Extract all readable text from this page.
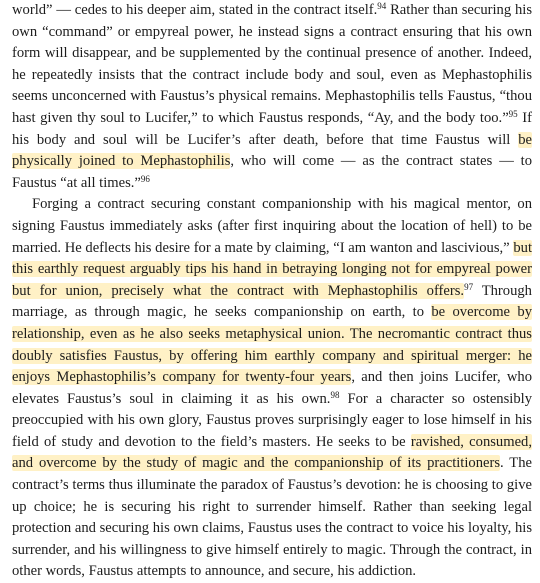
world” — cedes to his deeper aim, stated in the contract itself.$^{94}$ Rather than securing his own “command” or empyreal power, he instead signs a contract ensuring that his own form will disappear, and be supplemented by the continual presence of another. Indeed, he repeatedly insists that the contract include body and soul, even as Mephastophilis seems unconcerned with Faustus’s physical remains. Mephastophilis tells Faustus, “thou hast given thy soul to Lucifer,” to which Faustus responds, “Ay, and the body too.”$^{95}$ If his body and soul will be Lucifer’s after death, before that time Faustus will be physically joined to Mephastophilis, who will come — as the contract states — to Faustus “at all times.”$^{96}$

Forging a contract securing constant companionship with his magical mentor, on signing Faustus immediately asks (after first inquiring about the location of hell) to be married. He deflects his desire for a mate by claiming, “I am wanton and lascivious,” but this earthly request arguably tips his hand in betraying longing not for empyreal power but for union, precisely what the contract with Mephastophilis offers.$^{97}$ Through marriage, as through magic, he seeks companionship on earth, to be overcome by relationship, even as he also seeks metaphysical union. The necromantic contract thus doubly satisfies Faustus, by offering him earthly company and spiritual merger: he enjoys Mephastophilis’s company for twenty-four years, and then joins Lucifer, who elevates Faustus’s soul in claiming it as his own.$^{98}$ For a character so ostensibly preoccupied with his own glory, Faustus proves surprisingly eager to lose himself in his field of study and devotion to the field’s masters. He seeks to be ravished, consumed, and overcome by the study of magic and the companionship of its practitioners. The contract’s terms thus illuminate the paradox of Faustus’s devotion: he is choosing to give up choice; he is securing his right to surrender himself. Rather than seeking legal protection and securing his own claims, Faustus uses the contract to voice his loyalty, his surrender, and his willingness to give himself entirely to magic. Through the contract, in other words, Faustus attempts to announce, and secure, his addiction.
